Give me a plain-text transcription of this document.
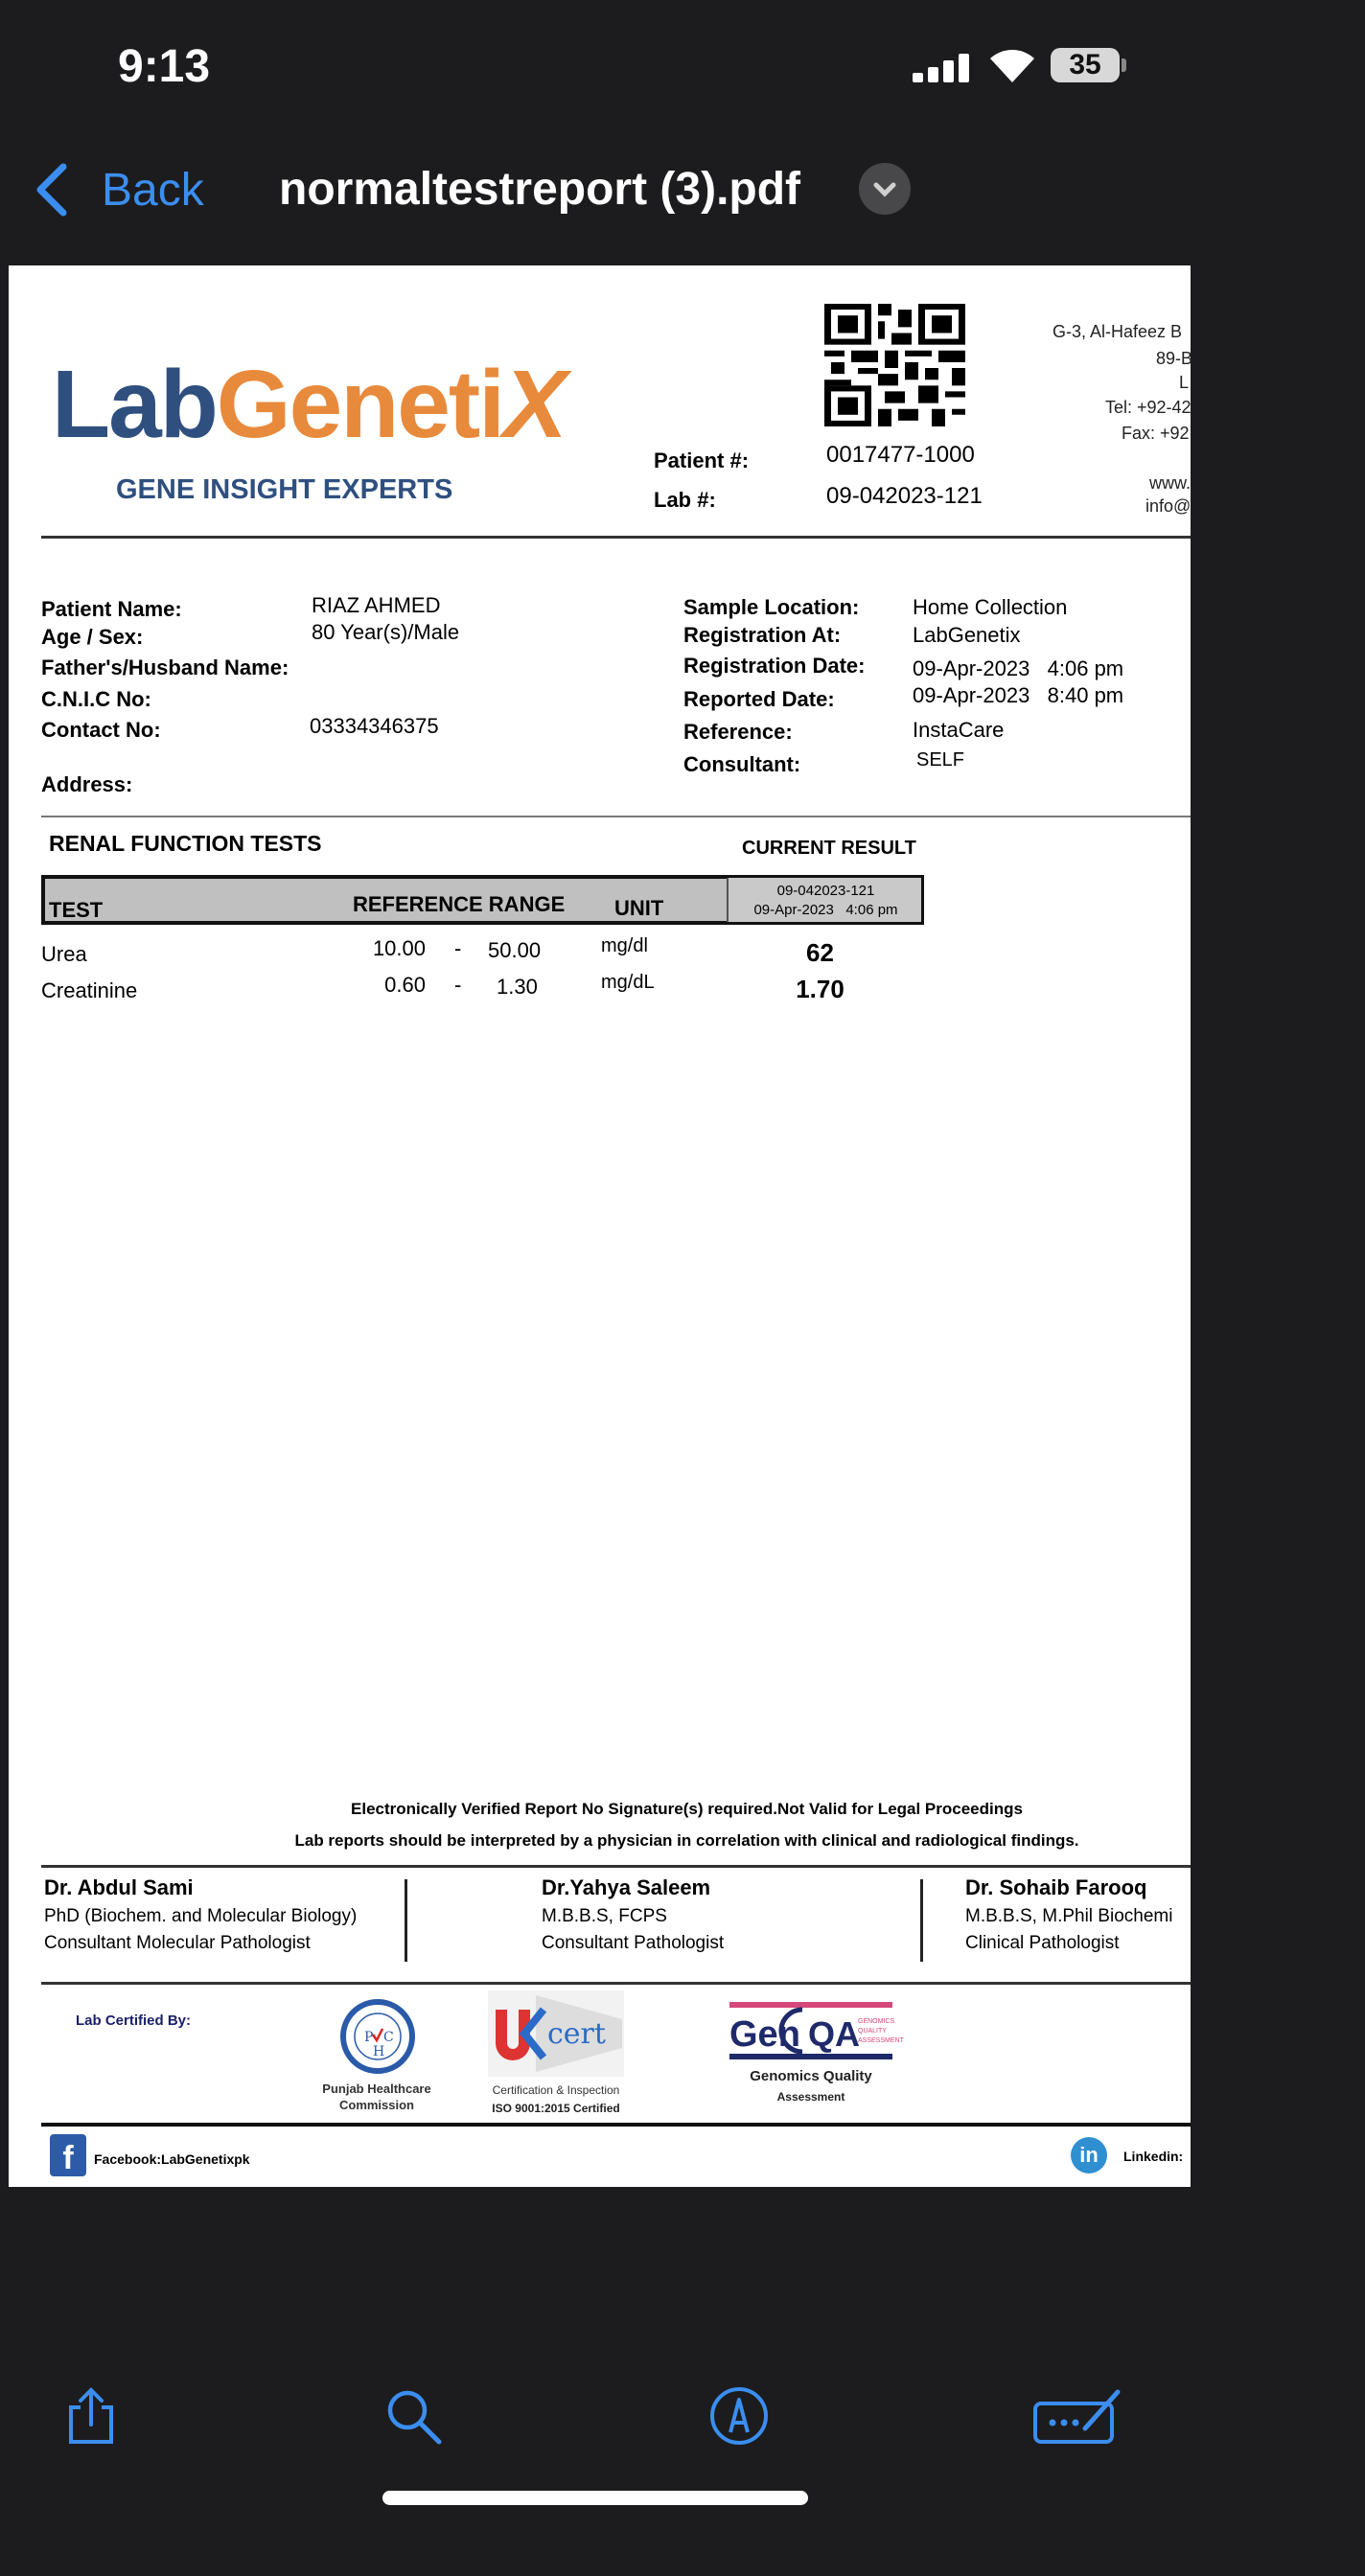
9:13	35
Back normaltestreport (3).pdf
LabGenetiX
GENE INSIGHT EXPERTS
Patient #:	0017477-1000
Lab #:	09-042023-121
G-3, Al-Hafeez B
89-B
L
Tel: +92-42
Fax: +92
www.
info@
Patient Name:	RIAZ AHMED
Age / Sex:	80 Year(s)/Male
Father's/Husband Name:
C.N.I.C No:
Contact No:	03334346375
Address:
Sample Location:	Home Collection
Registration At:	LabGenetix
Registration Date: 09-Apr-2023   4:06 pm
Reported Date:	09-Apr-2023   8:40 pm
Reference:	InstaCare
Consultant:	SELF
RENAL FUNCTION TESTS	CURRENT RESULT
TEST	REFERENCE RANGE UNIT
09-042023-121
09-Apr-2023   4:06 pm
Urea	10.00 - 50.00	mg/dl	62
Creatinine	0.60 - 1.30	mg/dL	1.70
Electronically Verified Report No Signature(s) required.Not Valid for Legal Proceedings
Lab reports should be interpreted by a physician in correlation with clinical and radiological findings.
Dr. Abdul Sami
PhD (Biochem. and Molecular Biology)
Consultant Molecular Pathologist
Dr.Yahya Saleem
M.B.B.S, FCPS
Consultant Pathologist
Dr. Sohaib Farooq
M.B.B.S, M.Phil Biochemi
Clinical Pathologist
Lab Certified By:
P C
H
Punjab Healthcare
Commission
cert
Certification & Inspection
ISO 9001:2015 Certified
Gen QA
GENOMICS
QUALITY
ASSESSMENT
Genomics Quality
Assessment
f	Facebook:LabGenetixpk	in	Linkedin:
